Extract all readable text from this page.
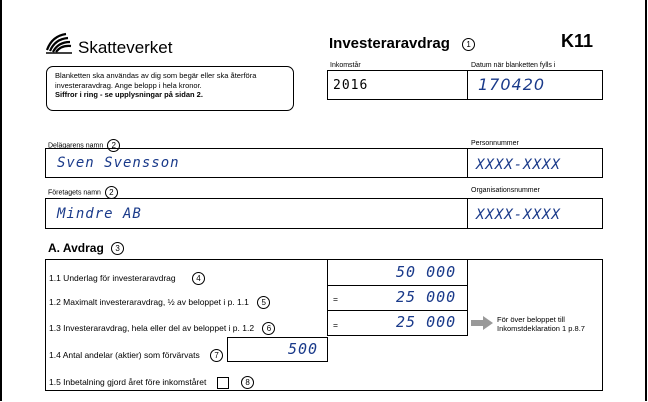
Skatteverket	Investeraravdrag 1	K11
Blanketten ska användas av dig som begär eller ska återföra investeraravdrag. Ange belopp i hela kronor.
Siffror i ring - se upplysningar på sidan 2.
Inkomstår	Datum när blanketten fylls i
2016	170420
Delägarens namn 2	Personnummer
Sven Svensson	XXXX-XXXX
Företagets namn 2	Organisationsnummer
Mindre AB	XXXX-XXXX
A. Avdrag 3
1.1 Underlag för investeraravdrag	4	50 000
1.2 Maximalt investeraravdrag, ½ av beloppet i p. 1.1 5	=	25 000
1.3 Investeraravdrag, hela eller del av beloppet i p. 1.2 6	=	25 000	För över beloppet till
Inkomstdeklaration 1 p.8.7
1.4 Antal andelar (aktier) som förvärvats 7	500
1.5 Inbetalning gjord året före inkomståret	8
